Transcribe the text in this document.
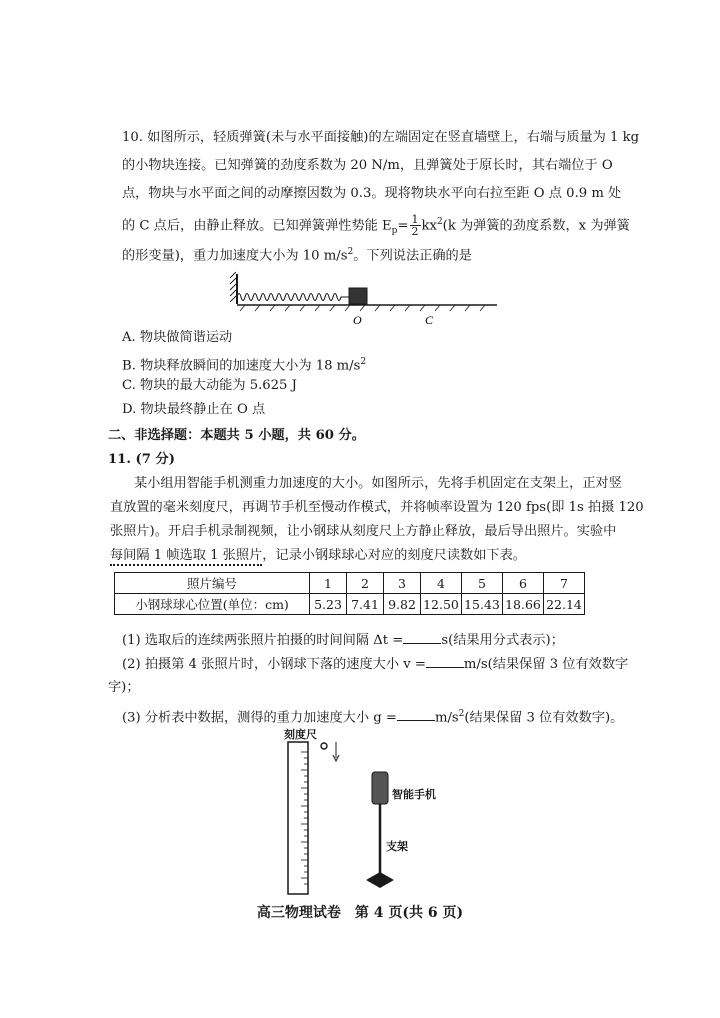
10. 如图所示，轻质弹簧(未与水平面接触)的左端固定在竖直墙壁上，右端与质量为 1 kg
的小物块连接。已知弹簧的劲度系数为 20 N/m，且弹簧处于原长时，其右端位于 O
点，物块与水平面之间的动摩擦因数为 0.3。现将物块水平向右拉至距 O 点 0.9 m 处
的 C 点后，由静止释放。已知弹簧弹性势能 $E_p= \frac{1}{2} kx^2(k$ 为弹簧的劲度系数，x 为弹簧
的形变量)，重力加速度大小为 10 $m/s^2$。下列说法正确的是
O	C
A. 物块做简谐运动
B. 物块释放瞬间的加速度大小为 18 $m/s^2$
C. 物块的最大动能为 5.625 J
D. 物块最终静止在 O 点
二、非选择题：本题共 5 小题，共 60 分。
11. (7 分)
某小组用智能手机测重力加速度的大小。如图所示，先将手机固定在支架上，正对竖
直放置的毫米刻度尺，再调节手机至慢动作模式，并将帧率设置为 120 fps(即 1s 拍摄 120
张照片)。开启手机录制视频，让小钢球从刻度尺上方静止释放，最后导出照片。实验中
每间隔 1 帧选取 1 张照片，记录小钢球球心对应的刻度尺读数如下表。
照片编号	1	2	3	4	5	6	7
小钢球球心位置(单位：cm)	5.23	7.41	9.82	12.50	15.43	18.66	22.14
(1) 选取后的连续两张照片拍摄的时间间隔 Δt =	s(结果用分式表示)；
(2) 拍摄第 4 张照片时，小钢球下落的速度大小 v =	m/s(结果保留 3 位有效数字
字)；
(3) 分析表中数据，测得的重力加速度大小 g =	$m/s^2$(结果保留 3 位有效数字)。
刻度尺
智能手机
支架
高三物理试卷　第 4 页(共 6 页)
